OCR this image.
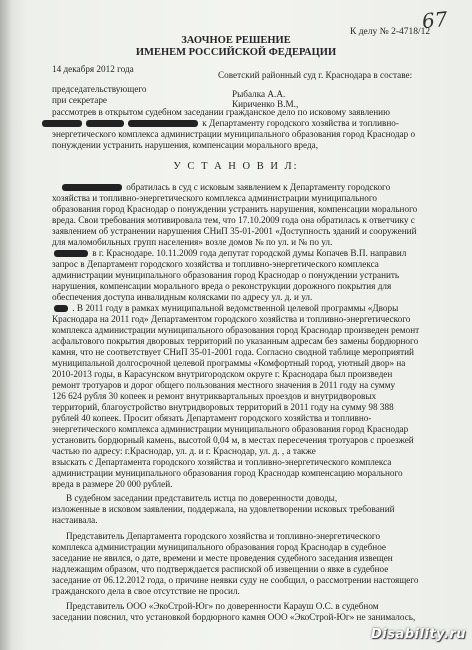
67
К делу № 2-4718/12
ЗАОЧНОЕ РЕШЕНИЕ
ИМЕНЕМ РОССИЙСКОЙ ФЕДЕРАЦИИ
14 декабря 2012 года
Советский районный суд г. Краснодара в составе:
председательствующего	Рыбалка А.А.
при секретаре	Кириченко В.М.,
рассмотрев в открытом судебном заседании гражданское дело по исковому заявлению
к Департаменту городского хозяйства и топливно-
энергетического комплекса администрации муниципального образования город Краснодар о
понуждении устранить нарушения, компенсации морального вреда,
У С Т А Н О В И Л:
обратилась в суд с исковым заявлением к Департаменту городского
хозяйства и топливно-энергетического комплекса администрации муниципального
образования город Краснодар о понуждении устранить нарушения, компенсации морального
вреда. Свои требования мотивировала тем, что 17.10.2009 года она обратилась к ответчику с
заявлением об устранении нарушения СНиП 35-01-2001 «Доступность зданий и сооружений
для маломобильных групп населения» возле домов № по ул. и № по ул.
в г. Краснодаре. 10.11.2009 года депутат городской думы Копачев В.П. направил
запрос в Департамент городского хозяйства и топливно-энергетического комплекса
администрации муниципального образования город Краснодар о понуждении устранить
нарушения, компенсации морального вреда о реконструкции дорожного покрытия для
обеспечения доступа инвалидным колясками по адресу ул. д. и ул.
. В 2011 году в рамках муниципальной ведомственной целевой программы «Дворы
Краснодара на 2011 год» Департаментом городского хозяйства и топливно-энергетического
комплекса администрации муниципального образования город Краснодар произведен ремонт
асфальтового покрытия дворовых территорий по указанным адресам без замены бордюрного
камня, что не соответствует СНиП 35-01-2001 года. Согласно сводной таблице мероприятий
муниципальной долгосрочной целевой программы «Комфортный город, уютный двор» на
2010-2013 годы, в Карасунском внутригородском округе г. Краснодара был произведен
ремонт тротуаров и дорог общего пользования местного значения в 2011 году на сумму
126 624 рубля 30 копеек и ремонт внутриквартальных проездов и внутридворовых
территорий, благоустройство внутридворовых территорий в 2011 году на сумму 98 388
рублей 40 копеек. Просит обязать Департамент городского хозяйства и топливно-
энергетического комплекса администрации муниципального образования город Краснодар
установить бордюрный камень, высотой 0,04 м, в местах пересечения тротуаров с проезжей
частью по адресу: г.Краснодар, ул. д. и г. Краснодар, ул. д. , а также
взыскать с Департамента городского хозяйства и топливно-энергетического комплекса
администрации муниципального образования город Краснодар компенсацию морального
вреда в размере 20 000 рублей.
В судебном заседании представитель истца по доверенности доводы,
изложенные в исковом заявлении, поддержала, на удовлетворении исковых требований
настаивала.
Представитель Департамента городского хозяйства и топливно-энергетического
комплекса администрации муниципального образования город Краснодар в судебное
заседание не явился, о дате, времени и месте проведения судебного заседания извещен
надлежащим образом, что подтверждается распиской об извещении о явке в судебное
заседание от 06.12.2012 года, о причине неявки суду не сообщил, о рассмотрении настоящего
гражданского дела в свое отсутствие не просил.
Представитель ООО «ЭкоСтрой-Юг» по доверенности Карауш О.С. в судебном
заседании пояснил, что установкой бордюрного камня ООО «ЭкоСтрой-Юг» не занималось,
Disability.ru
